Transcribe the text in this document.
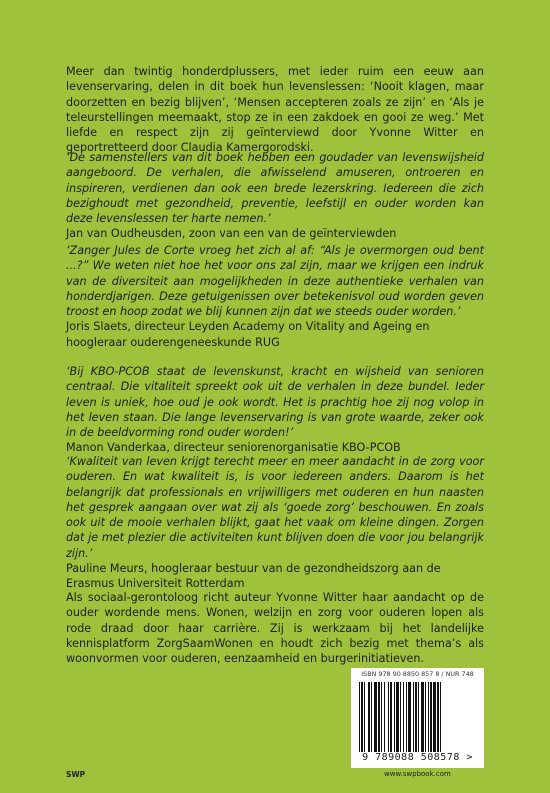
Meer dan twintig honderdplussers, met ieder ruim een eeuw aan levenservaring, delen in dit boek hun levenslessen: ‘Nooit klagen, maar doorzetten en bezig blijven’, ‘Mensen accepteren zoals ze zijn’ en ‘Als je teleurstellingen meemaakt, stop ze in een zakdoek en gooi ze weg.’ Met liefde en respect zijn zij geïnterviewd door Yvonne Witter en geportretteerd door Claudia Kamergorodski.

‘De samenstellers van dit boek hebben een goudader van levenswijsheid aangeboord. De verhalen, die afwisselend amuseren, ontroeren en inspireren, verdienen dan ook een brede lezerskring. Iedereen die zich bezighoudt met gezondheid, preventie, leefstijl en ouder worden kan deze levenslessen ter harte nemen.’
Jan van Oudheusden, zoon van een van de geïnterviewden

‘Zanger Jules de Corte vroeg het zich al af: “Als je overmorgen oud bent ...?” We weten niet hoe het voor ons zal zijn, maar we krijgen een indruk van de diversiteit aan mogelijkheden in deze authentieke verhalen van honderdjarigen. Deze getuigenissen over betekenisvol oud worden geven troost en hoop zodat we blij kunnen zijn dat we steeds ouder worden.’
Joris Slaets, directeur Leyden Academy on Vitality and Ageing en hoogleraar ouderengeneeskunde RUG

‘Bij KBO-PCOB staat de levenskunst, kracht en wijsheid van senioren centraal. Die vitaliteit spreekt ook uit de verhalen in deze bundel. Ieder leven is uniek, hoe oud je ook wordt. Het is prachtig hoe zij nog volop in het leven staan. Die lange levenservaring is van grote waarde, zeker ook in de beeldvorming rond ouder worden!’
Manon Vanderkaa, directeur seniorenorganisatie KBO-PCOB

‘Kwaliteit van leven krijgt terecht meer en meer aandacht in de zorg voor ouderen. En wat kwaliteit is, is voor iedereen anders. Daarom is het belangrijk dat professionals en vrijwilligers met ouderen en hun naasten het gesprek aangaan over wat zij als ‘goede zorg’ beschouwen. En zoals ook uit de mooie verhalen blijkt, gaat het vaak om kleine dingen. Zorgen dat je met plezier die activiteiten kunt blijven doen die voor jou belangrijk zijn.’
Pauline Meurs, hoogleraar bestuur van de gezondheidszorg aan de Erasmus Universiteit Rotterdam

Als sociaal-gerontoloog richt auteur Yvonne Witter haar aandacht op de ouder wordende mens. Wonen, welzijn en zorg voor ouderen lopen als rode draad door haar carrière. Zij is werkzaam bij het landelijke kennisplatform ZorgSaamWonen en houdt zich bezig met thema’s als woonvormen voor ouderen, eenzaamheid en burgerinitiatieven.

ISBN 978 90 8850 857 8 / NUR 748
9 789088 508578 >
SWP	www.swpbook.com
